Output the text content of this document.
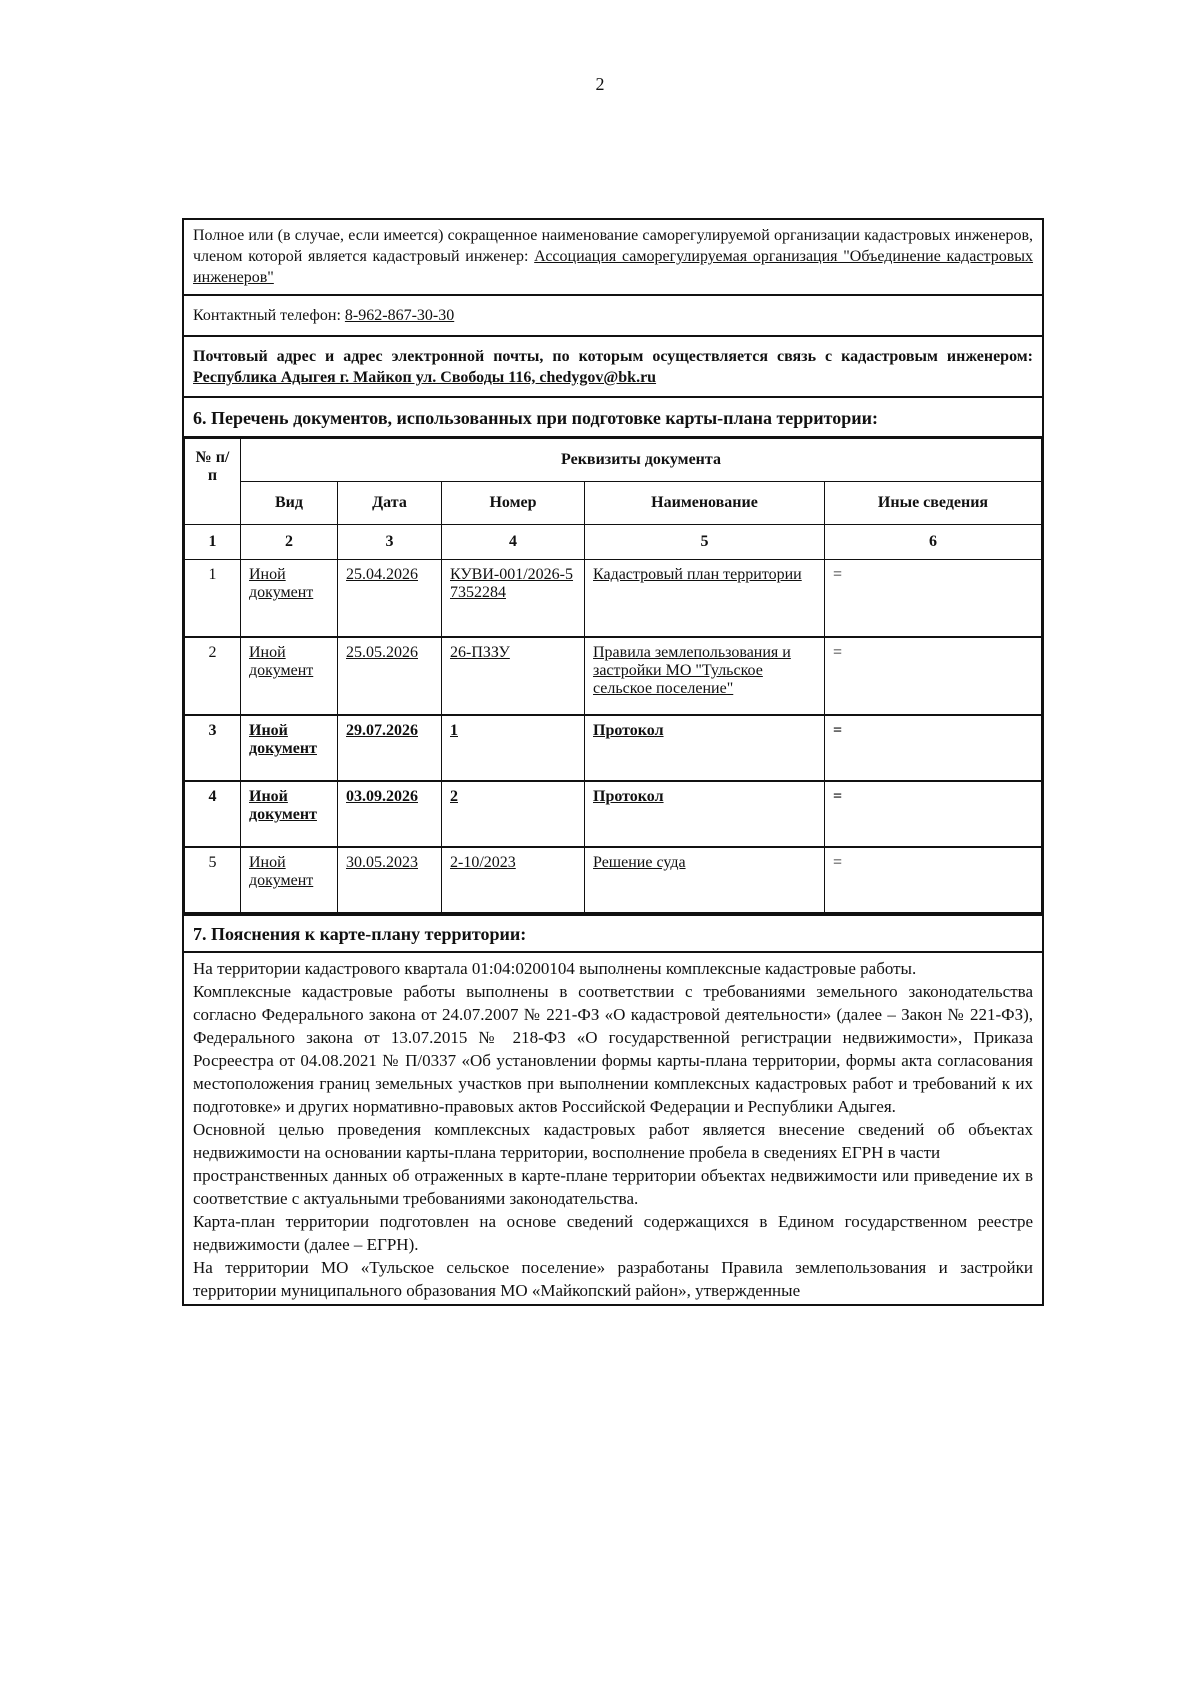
2
Полное или (в случае, если имеется) сокращенное наименование саморегулируемой организации кадастровых инженеров, членом которой является кадастровый инженер: Ассоциация саморегулируемая организация "Объединение кадастровых инженеров"
Контактный телефон: 8-962-867-30-30
Почтовый адрес и адрес электронной почты, по которым осуществляется связь с кадастровым инженером: Республика Адыгея г. Майкоп ул. Свободы 116, chedygov@bk.ru
6. Перечень документов, использованных при подготовке карты-плана территории:
№ п/п	Реквизиты документа				
	Вид	Дата	Номер	Наименование	Иные сведения
1	2	3	4	5	6
1	Иной документ	25.04.2026	КУВИ-001/2026-57352284	Кадастровый план территории	=
2	Иной документ	25.05.2026	26-ПЗЗУ	Правила землепользования и застройки МО "Тульское сельское поселение"	=
3	Иной документ	29.07.2026	1	Протокол	=
4	Иной документ	03.09.2026	2	Протокол	=
5	Иной документ	30.05.2023	2-10/2023	Решение суда	=
7. Пояснения к карте-плану территории:

На территории кадастрового квартала 01:04:0200104 выполнены комплексные кадастровые работы.

Комплексные кадастровые работы выполнены в соответствии с требованиями земельного законодательства согласно Федерального закона от 24.07.2007 № 221-ФЗ «О кадастровой деятельности» (далее – Закон № 221-ФЗ), Федерального закона от 13.07.2015 № 218-ФЗ «О государственной регистрации недвижимости», Приказа Росреестра от 04.08.2021 № П/0337 «Об установлении формы карты-плана территории, формы акта согласования местоположения границ земельных участков при выполнении комплексных кадастровых работ и требований к их подготовке» и других нормативно-правовых актов Российской Федерации и Республики Адыгея.

Основной целью проведения комплексных кадастровых работ является внесение сведений об объектах недвижимости на основании карты-плана территории, восполнение пробела в сведениях ЕГРН в части

пространственных данных об отраженных в карте-плане территории объектах недвижимости или приведение их в соответствие с актуальными требованиями законодательства.

Карта-план территории подготовлен на основе сведений содержащихся в Едином государственном реестре недвижимости (далее – ЕГРН).

На территории МО «Тульское сельское поселение» разработаны Правила землепользования и застройки территории муниципального образования МО «Майкопский район», утвержденные
